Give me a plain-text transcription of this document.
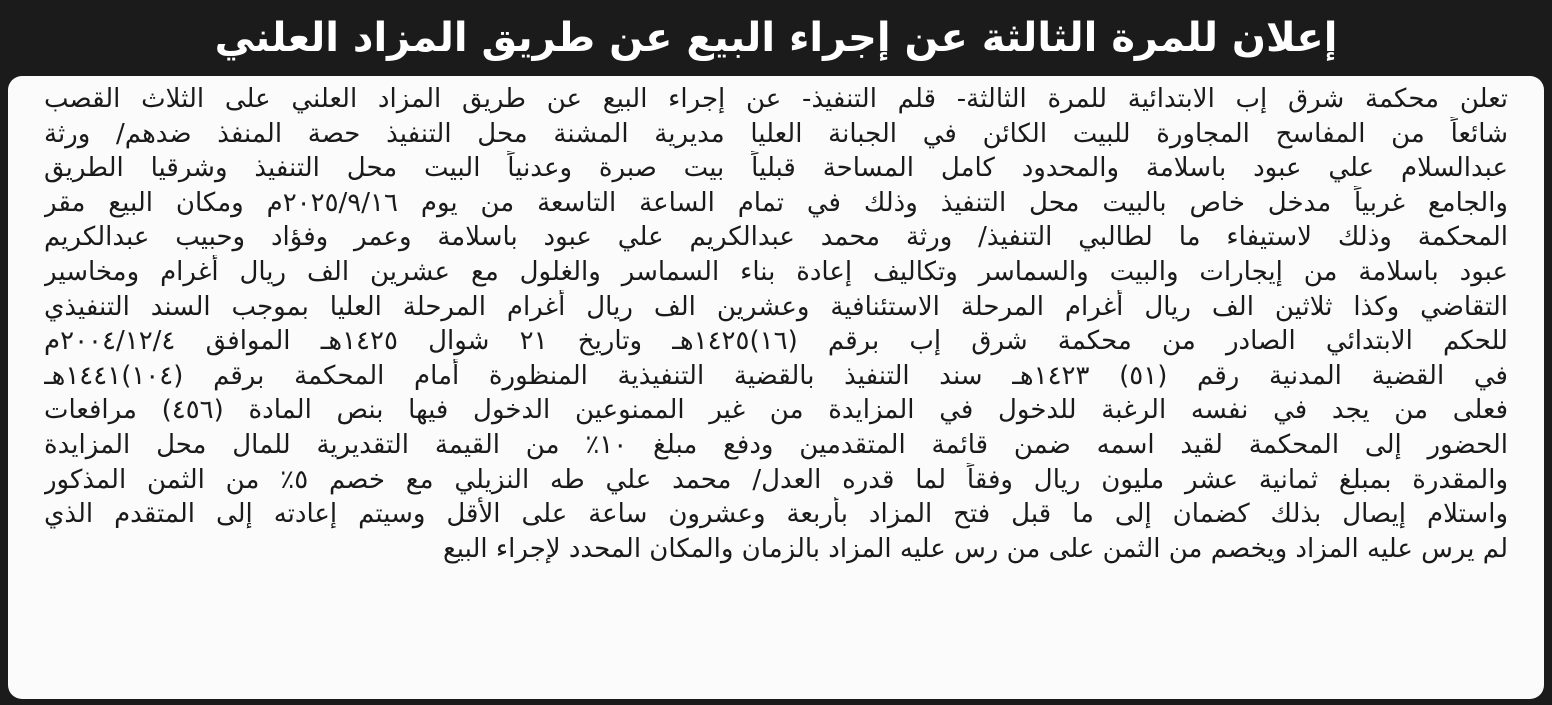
إعلان للمرة الثالثة عن إجراء البيع عن طريق المزاد العلني
تعلن محكمة شرق إب الابتدائية للمرة الثالثة- قلم التنفيذ- عن إجراء البيع عن طريق المزاد العلني على الثلاث القصب
شائعاً من المفاسح المجاورة للبيت الكائن في الجبانة العليا مديرية المشنة محل التنفيذ حصة المنفذ ضدهم/ ورثة
عبدالسلام علي عبود باسلامة والمحدود كامل المساحة قبلياً بيت صبرة وعدنياً البيت محل التنفيذ وشرقيا الطريق
والجامع غربياً مدخل خاص بالبيت محل التنفيذ وذلك في تمام الساعة التاسعة من يوم ٢٠٢٥/٩/١٦م ومكان البيع مقر
المحكمة وذلك لاستيفاء ما لطالبي التنفيذ/ ورثة محمد عبدالكريم علي عبود باسلامة وعمر وفؤاد وحبيب عبدالكريم
عبود باسلامة من إيجارات والبيت والسماسر وتكاليف إعادة بناء السماسر والغلول مع عشرين الف ريال أغرام ومخاسير
التقاضي وكذا ثلاثين الف ريال أغرام المرحلة الاستئنافية وعشرين الف ريال أغرام المرحلة العليا بموجب السند التنفيذي
للحكم الابتدائي الصادر من محكمة شرق إب برقم (١٦)١٤٢٥هـ وتاريخ ٢١ شوال ١٤٢٥هـ الموافق ٢٠٠٤/١٢/٤م
في القضية المدنية رقم (٥١) ١٤٢٣هـ سند التنفيذ بالقضية التنفيذية المنظورة أمام المحكمة برقم (١٠٤)١٤٤١هـ
فعلى من يجد في نفسه الرغبة للدخول في المزايدة من غير الممنوعين الدخول فيها بنص المادة (٤٥٦) مرافعات
الحضور إلى المحكمة لقيد اسمه ضمن قائمة المتقدمين ودفع مبلغ ١٠٪ من القيمة التقديرية للمال محل المزايدة
والمقدرة بمبلغ ثمانية عشر مليون ريال وفقاً لما قدره العدل/ محمد علي طه النزيلي مع خصم ٥٪ من الثمن المذكور
واستلام إيصال بذلك كضمان إلى ما قبل فتح المزاد بأربعة وعشرون ساعة على الأقل وسيتم إعادته إلى المتقدم الذي
لم يرس عليه المزاد ويخصم من الثمن على من رس عليه المزاد بالزمان والمكان المحدد لإجراء البيع
